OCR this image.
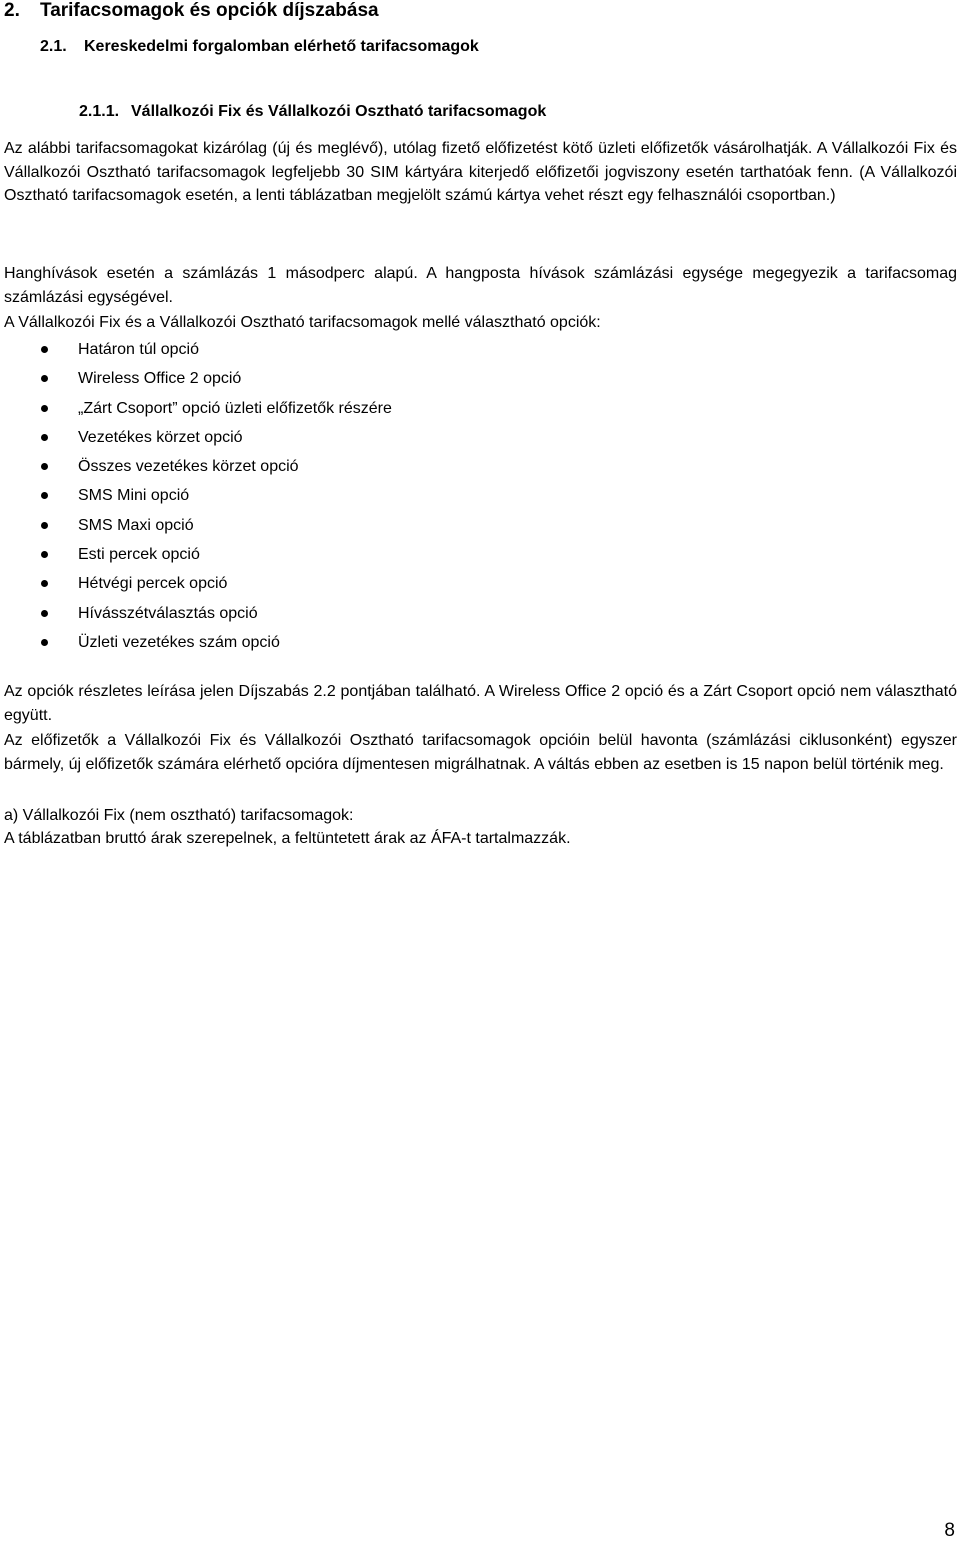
2. Tarifacsomagok és opciók díjszabása
2.1. Kereskedelmi forgalomban elérhető tarifacsomagok
2.1.1. Vállalkozói Fix és Vállalkozói Osztható tarifacsomagok

Az alábbi tarifacsomagokat kizárólag (új és meglévő), utólag fizető előfizetést kötő üzleti előfizetők vásárolhatják. A Vállalkozói Fix és Vállalkozói Osztható tarifacsomagok legfeljebb 30 SIM kártyára kiterjedő előfizetői jogviszony esetén tarthatóak fenn. (A Vállalkozói Osztható tarifacsomagok esetén, a lenti táblázatban megjelölt számú kártya vehet részt egy felhasználói csoportban.)

Hanghívások esetén a számlázás 1 másodperc alapú. A hangposta hívások számlázási egysége megegyezik a tarifacsomag számlázási egységével.

A Vállalkozói Fix és a Vállalkozói Osztható tarifacsomagok mellé választható opciók:

Határon túl opció
Wireless Office 2 opció
„Zárt Csoport” opció üzleti előfizetők részére
Vezetékes körzet opció
Összes vezetékes körzet opció
SMS Mini opció
SMS Maxi opció
Esti percek opció
Hétvégi percek opció
Hívásszétválasztás opció
Üzleti vezetékes szám opció

Az opciók részletes leírása jelen Díjszabás 2.2 pontjában található. A Wireless Office 2 opció és a Zárt Csoport opció nem választható együtt.

Az előfizetők a Vállalkozói Fix és Vállalkozói Osztható tarifacsomagok opcióin belül havonta (számlázási ciklusonként) egyszer bármely, új előfizetők számára elérhető opcióra díjmentesen migrálhatnak. A váltás ebben az esetben is 15 napon belül történik meg.

a) Vállalkozói Fix (nem osztható) tarifacsomagok:

A táblázatban bruttó árak szerepelnek, a feltüntetett árak az ÁFA-t tartalmazzák.

8
